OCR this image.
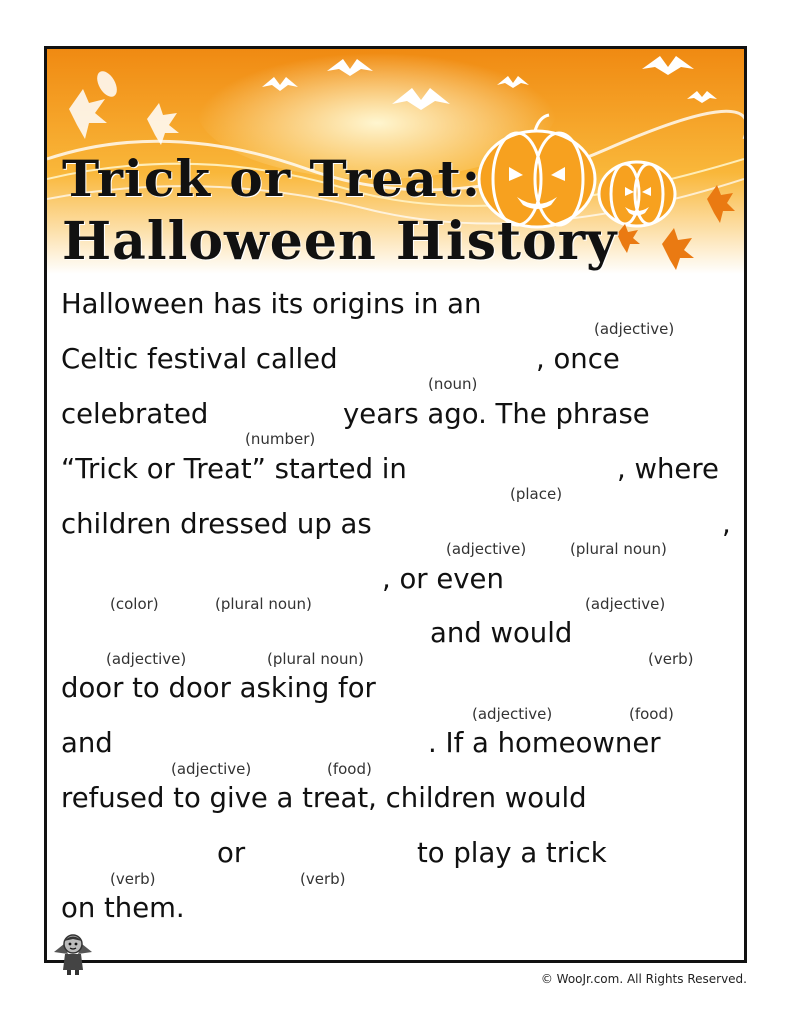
Trick or Treat:
Halloween History
Halloween has its origins in an
Celtic festival called	, once
celebrated	years ago. The phrase
“Trick or Treat” started in	, where
children dressed up as	,
, or even
and would
door to door asking for
and	. If a homeowner
refused to give a treat, children would
or	to play a trick
on them.
(adjective)
(noun)
(number)
(place)
(adjective)	(plural noun)
(color)	(plural noun)	(adjective)
(adjective)	(plural noun)	(verb)
(adjective)	(food)
(adjective)	(food)
(verb)	(verb)
© WooJr.com. All Rights Reserved.
